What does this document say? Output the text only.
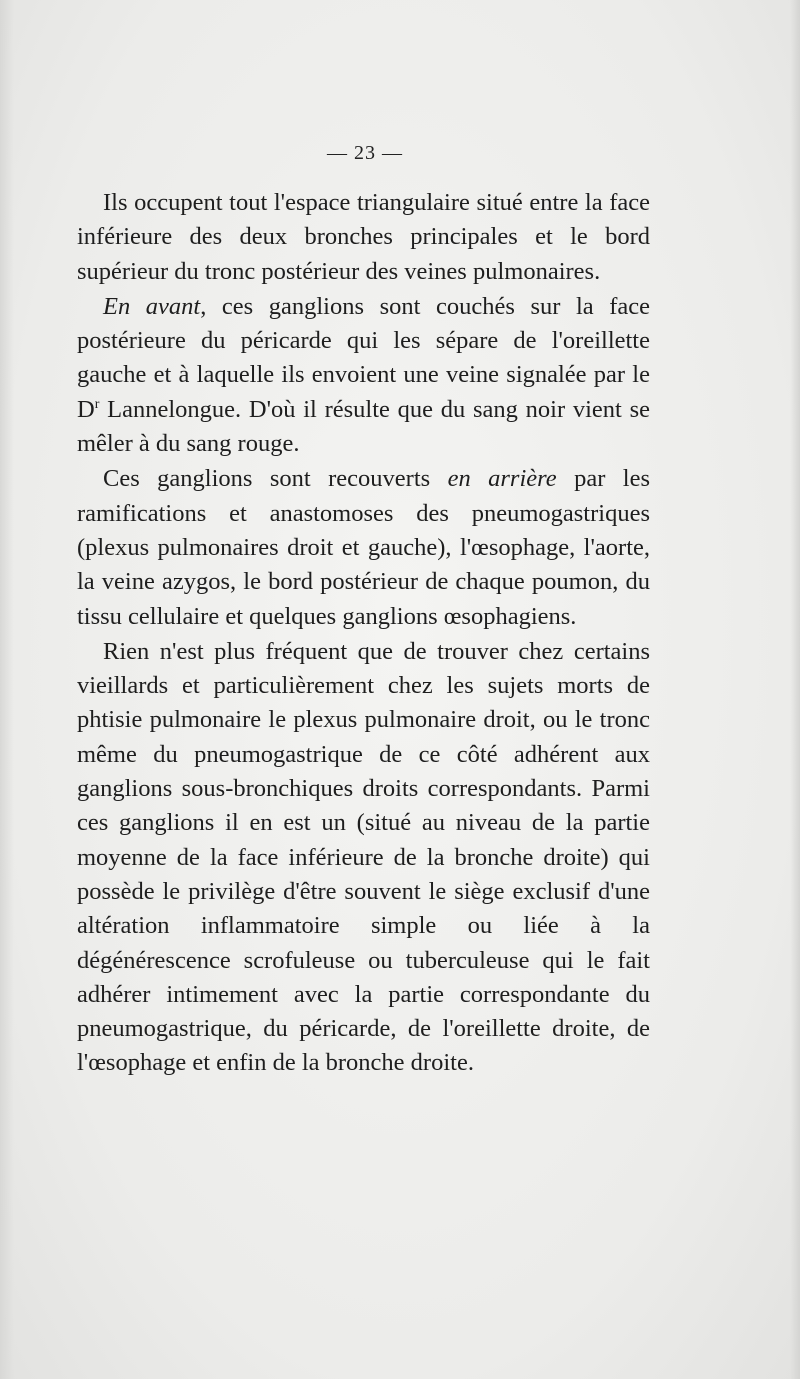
— 23 —

Ils occupent tout l'espace triangulaire situé entre la face inférieure des deux bronches principales et le bord supérieur du tronc postérieur des veines pulmonaires.

En avant, ces ganglions sont couchés sur la face postérieure du péricarde qui les sépare de l'oreillette gauche et à laquelle ils envoient une veine signalée par le $D^r$ Lannelongue. D'où il résulte que du sang noir vient se mêler à du sang rouge.

Ces ganglions sont recouverts en arrière par les ramifications et anastomoses des pneumogastriques (plexus pulmonaires droit et gauche), l'œsophage, l'aorte, la veine azygos, le bord postérieur de chaque poumon, du tissu cellulaire et quelques ganglions œsophagiens.

Rien n'est plus fréquent que de trouver chez certains vieillards et particulièrement chez les sujets morts de phtisie pulmonaire le plexus pulmonaire droit, ou le tronc même du pneumogastrique de ce côté adhérent aux ganglions sous-bronchiques droits correspondants. Parmi ces ganglions il en est un (situé au niveau de la partie moyenne de la face inférieure de la bronche droite) qui possède le privilège d'être souvent le siège exclusif d'une altération inflammatoire simple ou liée à la dégénérescence scrofuleuse ou tuberculeuse qui le fait adhérer intimement avec la partie correspondante du pneumogastrique, du péricarde, de l'oreillette droite, de l'œsophage et enfin de la bronche droite.
